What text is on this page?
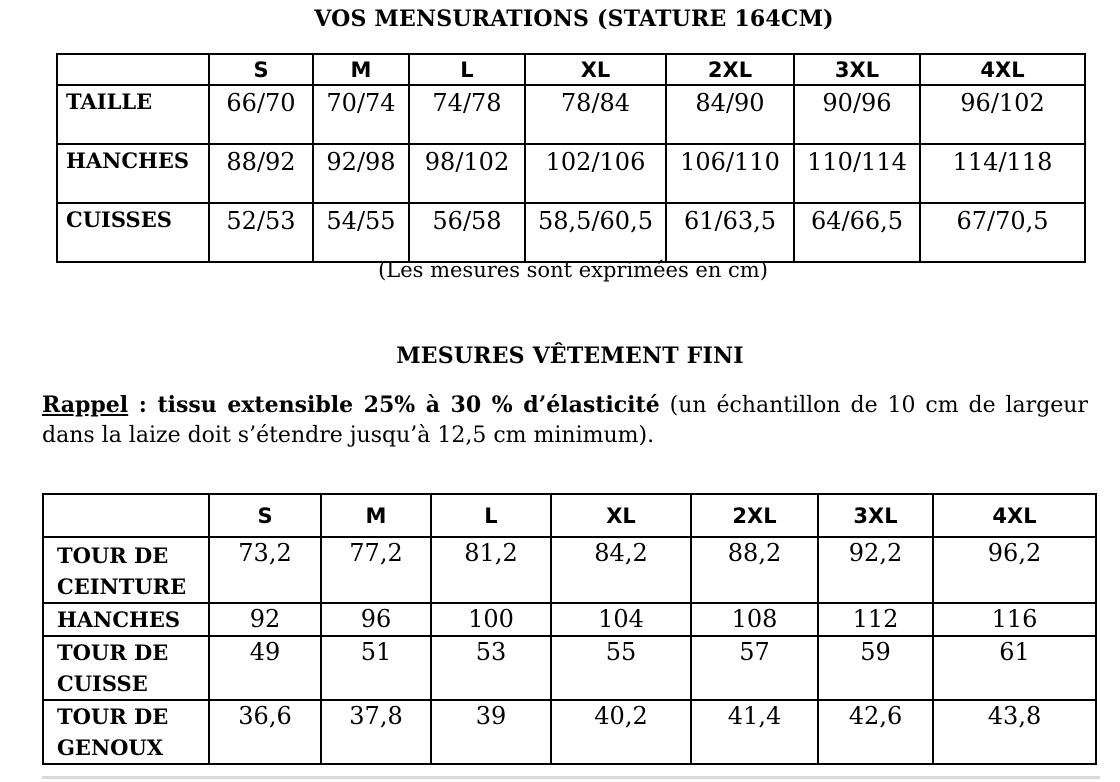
VOS MENSURATIONS (STATURE 164CM)
	S	M	L	XL	2XL	3XL	4XL
TAILLE	66/70	70/74	74/78	78/84	84/90	90/96	96/102
HANCHES	88/92	92/98	98/102	102/106	106/110	110/114	114/118
CUISSES	52/53	54/55	56/58	58,5/60,5	61/63,5	64/66,5	67/70,5
(Les mesures sont exprimées en cm)
MESURES VÊTEMENT FINI
Rappel : tissu extensible 25% à 30 % d’élasticité (un échantillon de 10 cm de largeur dans la laize doit s’étendre jusqu’à 12,5 cm minimum).
	S	M	L	XL	2XL	3XL	4XL
TOUR DE CEINTURE	73,2	77,2	81,2	84,2	88,2	92,2	96,2
HANCHES	92	96	100	104	108	112	116
TOUR DE CUISSE	49	51	53	55	57	59	61
TOUR DE GENOUX	36,6	37,8	39	40,2	41,4	42,6	43,8
